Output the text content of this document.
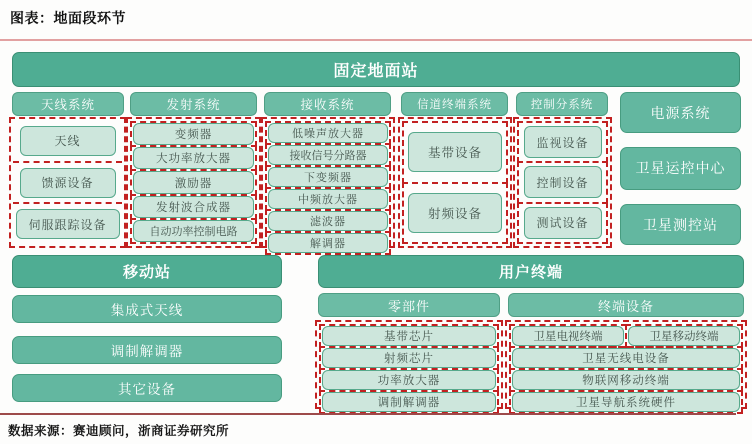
图表：地面段环节
固定地面站
天线系统	发射系统	接收系统	信道终端系统	控制分系统
天线
馈源设备
伺服跟踪设备
变频器
大功率放大器
激励器
发射波合成器
自动功率控制电路
低噪声放大器
接收信号分路器
下变频器
中频放大器
滤波器
解调器
基带设备
射频设备
监视设备
控制设备
测试设备
电源系统
卫星运控中心
卫星测控站
移动站
集成式天线
调制解调器
其它设备
用户终端
零部件
基带芯片
射频芯片
功率放大器
调制解调器
终端设备
卫星电视终端	卫星移动终端
卫星无线电设备
物联网移动终端
卫星导航系统硬件
数据来源：赛迪顾问，浙商证券研究所
